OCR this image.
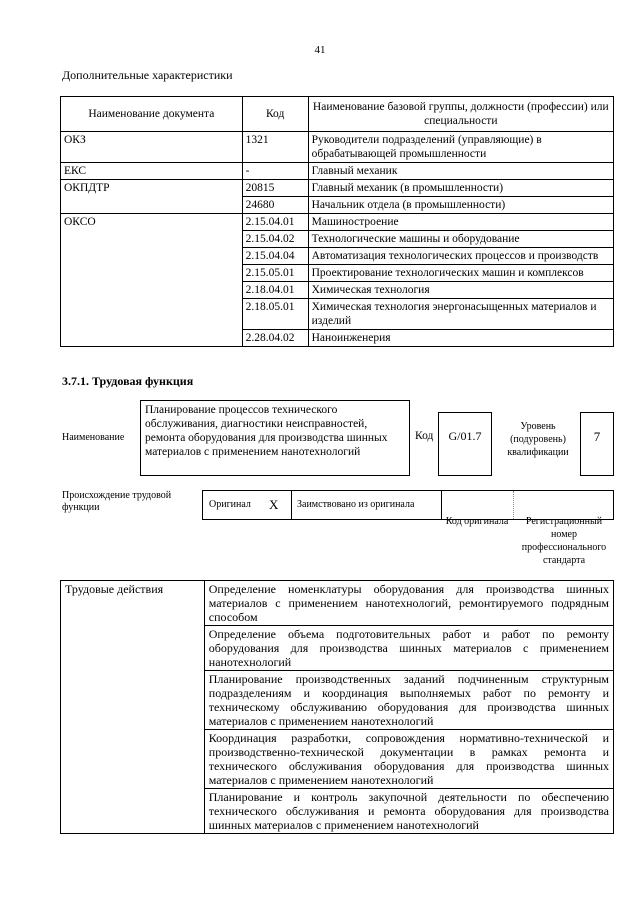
41
Дополнительные характеристики
Наименование документа	Код	Наименование базовой группы, должности (профессии) или специальности
ОКЗ	1321	Руководители подразделений (управляющие) в обрабатывающей промышленности
ЕКС	-	Главный механик
ОКПДТР	20815	Главный механик (в промышленности)
	24680	Начальник отдела (в промышленности)
ОКСО	2.15.04.01	Машиностроение
	2.15.04.02	Технологические машины и оборудование
	2.15.04.04	Автоматизация технологических процессов и производств
	2.15.05.01	Проектирование технологических машин и комплексов
	2.18.04.01	Химическая технология
	2.18.05.01	Химическая технология энергонасыщенных материалов и изделий
	2.28.04.02	Наноинженерия
3.7.1. Трудовая функция
Наименование
Планирование процессов технического обслуживания, диагностики неисправностей, ремонта оборудования для производства шинных материалов с применением нанотехнологий
Код	G/01.7
Уровень (подуровень) квалификации
7
Происхождение трудовой функции	Оригинал X Заимствовано из оригинала
Код оригинала	Регистрационный номер профессионального стандарта
Трудовые действия	Определение номенклатуры оборудования для производства шинных материалов с применением нанотехнологий, ремонтируемого подрядным способом
Определение объема подготовительных работ и работ по ремонту оборудования для производства шинных материалов с применением нанотехнологий
Планирование производственных заданий подчиненным структурным подразделениям и координация выполняемых работ по ремонту и техническому обслуживанию оборудования для производства шинных материалов с применением нанотехнологий
Координация разработки, сопровождения нормативно-технической и производственно-технической документации в рамках ремонта и технического обслуживания оборудования для производства шинных материалов с применением нанотехнологий
Планирование и контроль закупочной деятельности по обеспечению технического обслуживания и ремонта оборудования для производства шинных материалов с применением нанотехнологий
